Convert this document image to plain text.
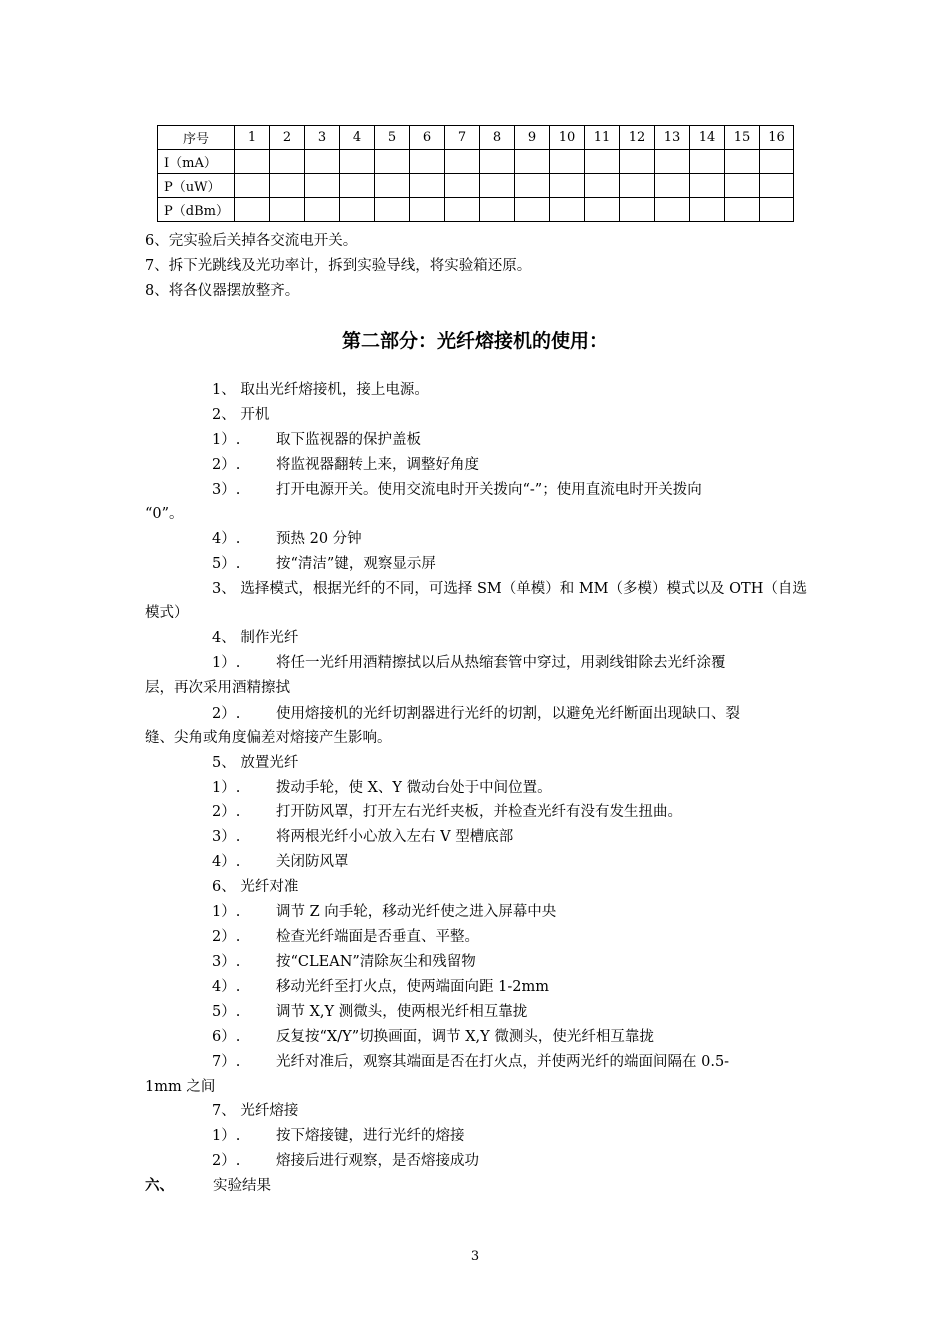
序号	1	2	3	4	5	6	7	8	9	10	11	12	13	14	15	16
I（mA）																
P（uW）																
P（dBm）																
6、完实验后关掉各交流电开关。
7、拆下光跳线及光功率计，拆到实验导线，将实验箱还原。
8、将各仪器摆放整齐。
第二部分：光纤熔接机的使用：
1、 取出光纤熔接机，接上电源。
2、 开机
1）. 取下监视器的保护盖板
2）. 将监视器翻转上来，调整好角度
3）. 打开电源开关。使用交流电时开关拨向“-”；使用直流电时开关拨向
“0”。
4）. 预热 20 分钟
5）. 按“清洁”键，观察显示屏
3、 选择模式，根据光纤的不同，可选择 SM（单模）和 MM（多模）模式以及 OTH（自选
模式）
4、 制作光纤
1）. 将任一光纤用酒精擦拭以后从热缩套管中穿过，用剥线钳除去光纤涂覆
层，再次采用酒精擦拭
2）. 使用熔接机的光纤切割器进行光纤的切割，以避免光纤断面出现缺口、裂
缝、尖角或角度偏差对熔接产生影响。
5、 放置光纤
1）. 拨动手轮，使 X、Y 微动台处于中间位置。
2）. 打开防风罩，打开左右光纤夹板，并检查光纤有没有发生扭曲。
3）. 将两根光纤小心放入左右 V 型槽底部
4）. 关闭防风罩
6、 光纤对准
1）. 调节 Z 向手轮，移动光纤使之进入屏幕中央
2）. 检查光纤端面是否垂直、平整。
3）. 按“CLEAN”清除灰尘和残留物
4）. 移动光纤至打火点，使两端面向距 1-2mm
5）. 调节 X,Y 测微头，使两根光纤相互靠拢
6）. 反复按“X/Y”切换画面，调节 X,Y 微测头，使光纤相互靠拢
7）. 光纤对准后，观察其端面是否在打火点，并使两光纤的端面间隔在 0.5-
1mm 之间
7、 光纤熔接
1）. 按下熔接键，进行光纤的熔接
2）. 熔接后进行观察，是否熔接成功
六、	实验结果
3
